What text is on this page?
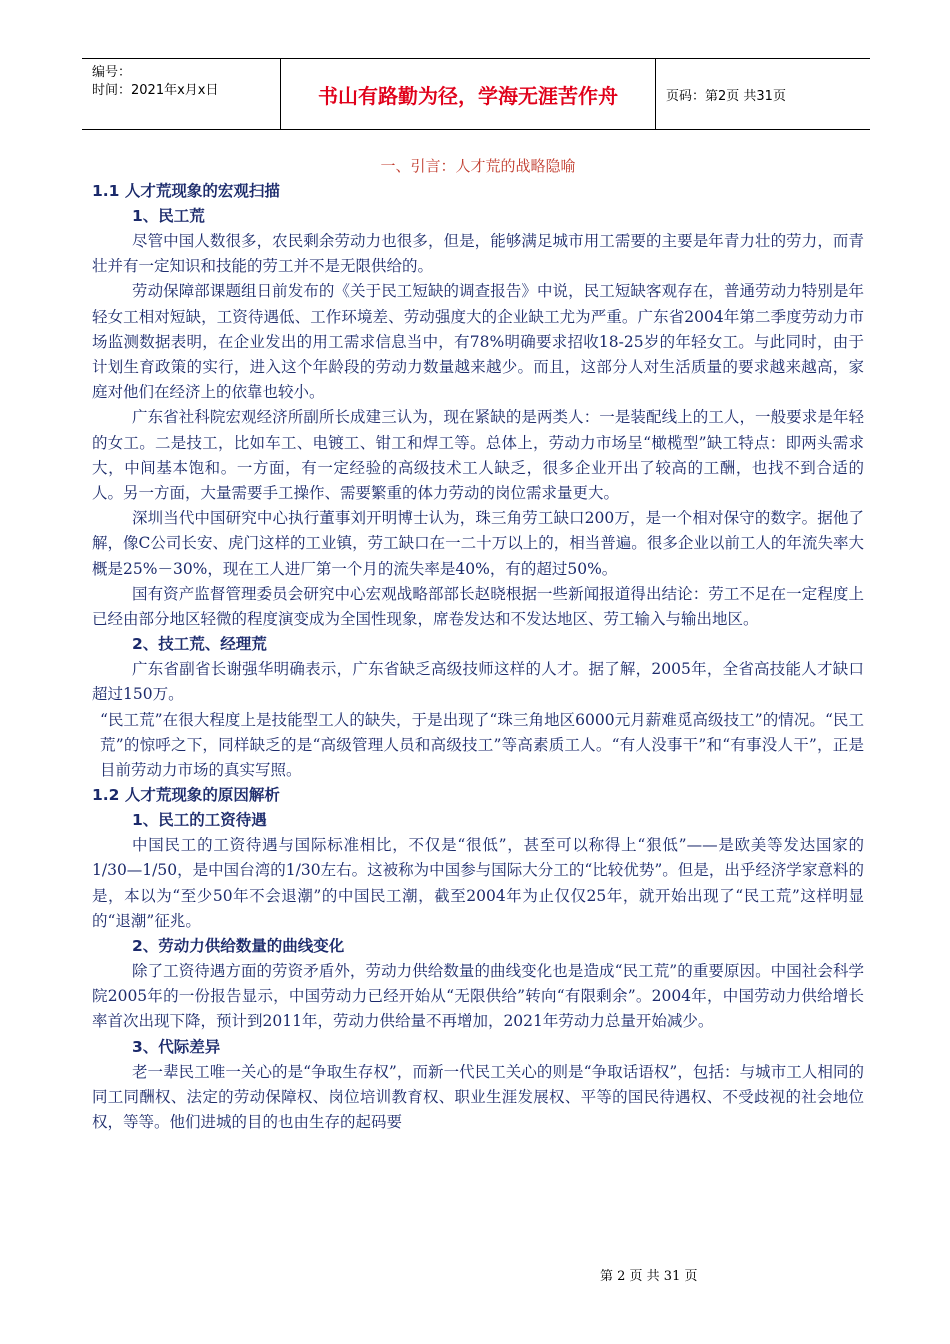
编号：
时间：2021年x月x日	书山有路勤为径，学海无涯苦作舟	页码：第2页 共31页
一、引言：人才荒的战略隐喻
1.1 人才荒现象的宏观扫描
1、民工荒

尽管中国人数很多，农民剩余劳动力也很多，但是，能够满足城市用工需要的主要是年青力壮的劳力，而青壮并有一定知识和技能的劳工并不是无限供给的。

劳动保障部课题组日前发布的《关于民工短缺的调查报告》中说，民工短缺客观存在，普通劳动力特别是年轻女工相对短缺，工资待遇低、工作环境差、劳动强度大的企业缺工尤为严重。广东省2004年第二季度劳动力市场监测数据表明，在企业发出的用工需求信息当中，有78%明确要求招收18-25岁的年轻女工。与此同时，由于计划生育政策的实行，进入这个年龄段的劳动力数量越来越少。而且，这部分人对生活质量的要求越来越高，家庭对他们在经济上的依靠也较小。

广东省社科院宏观经济所副所长成建三认为，现在紧缺的是两类人：一是装配线上的工人，一般要求是年轻的女工。二是技工，比如车工、电镀工、钳工和焊工等。总体上，劳动力市场呈“橄榄型”缺工特点：即两头需求大，中间基本饱和。一方面，有一定经验的高级技术工人缺乏，很多企业开出了较高的工酬，也找不到合适的人。另一方面，大量需要手工操作、需要繁重的体力劳动的岗位需求量更大。

深圳当代中国研究中心执行董事刘开明博士认为，珠三角劳工缺口200万，是一个相对保守的数字。据他了解，像C公司长安、虎门这样的工业镇，劳工缺口在一二十万以上的，相当普遍。很多企业以前工人的年流失率大概是25%－30%，现在工人进厂第一个月的流失率是40%，有的超过50%。

国有资产监督管理委员会研究中心宏观战略部部长赵晓根据一些新闻报道得出结论：劳工不足在一定程度上已经由部分地区轻微的程度演变成为全国性现象，席卷发达和不发达地区、劳工输入与输出地区。

2、技工荒、经理荒

广东省副省长谢强华明确表示，广东省缺乏高级技师这样的人才。据了解，2005年，全省高技能人才缺口超过150万。

“民工荒”在很大程度上是技能型工人的缺失，于是出现了“珠三角地区6000元月薪难觅高级技工”的情况。“民工荒”的惊呼之下，同样缺乏的是“高级管理人员和高级技工”等高素质工人。“有人没事干”和“有事没人干”，正是目前劳动力市场的真实写照。

1.2 人才荒现象的原因解析
1、民工的工资待遇

中国民工的工资待遇与国际标准相比，不仅是“很低”，甚至可以称得上“狠低”——是欧美等发达国家的1/30—1/50，是中国台湾的1/30左右。这被称为中国参与国际大分工的“比较优势”。但是，出乎经济学家意料的是，本以为“至少50年不会退潮”的中国民工潮，截至2004年为止仅仅25年，就开始出现了“民工荒”这样明显的“退潮”征兆。

2、劳动力供给数量的曲线变化

除了工资待遇方面的劳资矛盾外，劳动力供给数量的曲线变化也是造成“民工荒”的重要原因。中国社会科学院2005年的一份报告显示，中国劳动力已经开始从“无限供给”转向“有限剩余”。2004年，中国劳动力供给增长率首次出现下降，预计到2011年，劳动力供给量不再增加，2021年劳动力总量开始减少。

3、代际差异

老一辈民工唯一关心的是“争取生存权”，而新一代民工关心的则是“争取话语权”，包括：与城市工人相同的同工同酬权、法定的劳动保障权、岗位培训教育权、职业生涯发展权、平等的国民待遇权、不受歧视的社会地位权，等等。他们进城的目的也由生存的起码要

第 2 页 共 31 页
